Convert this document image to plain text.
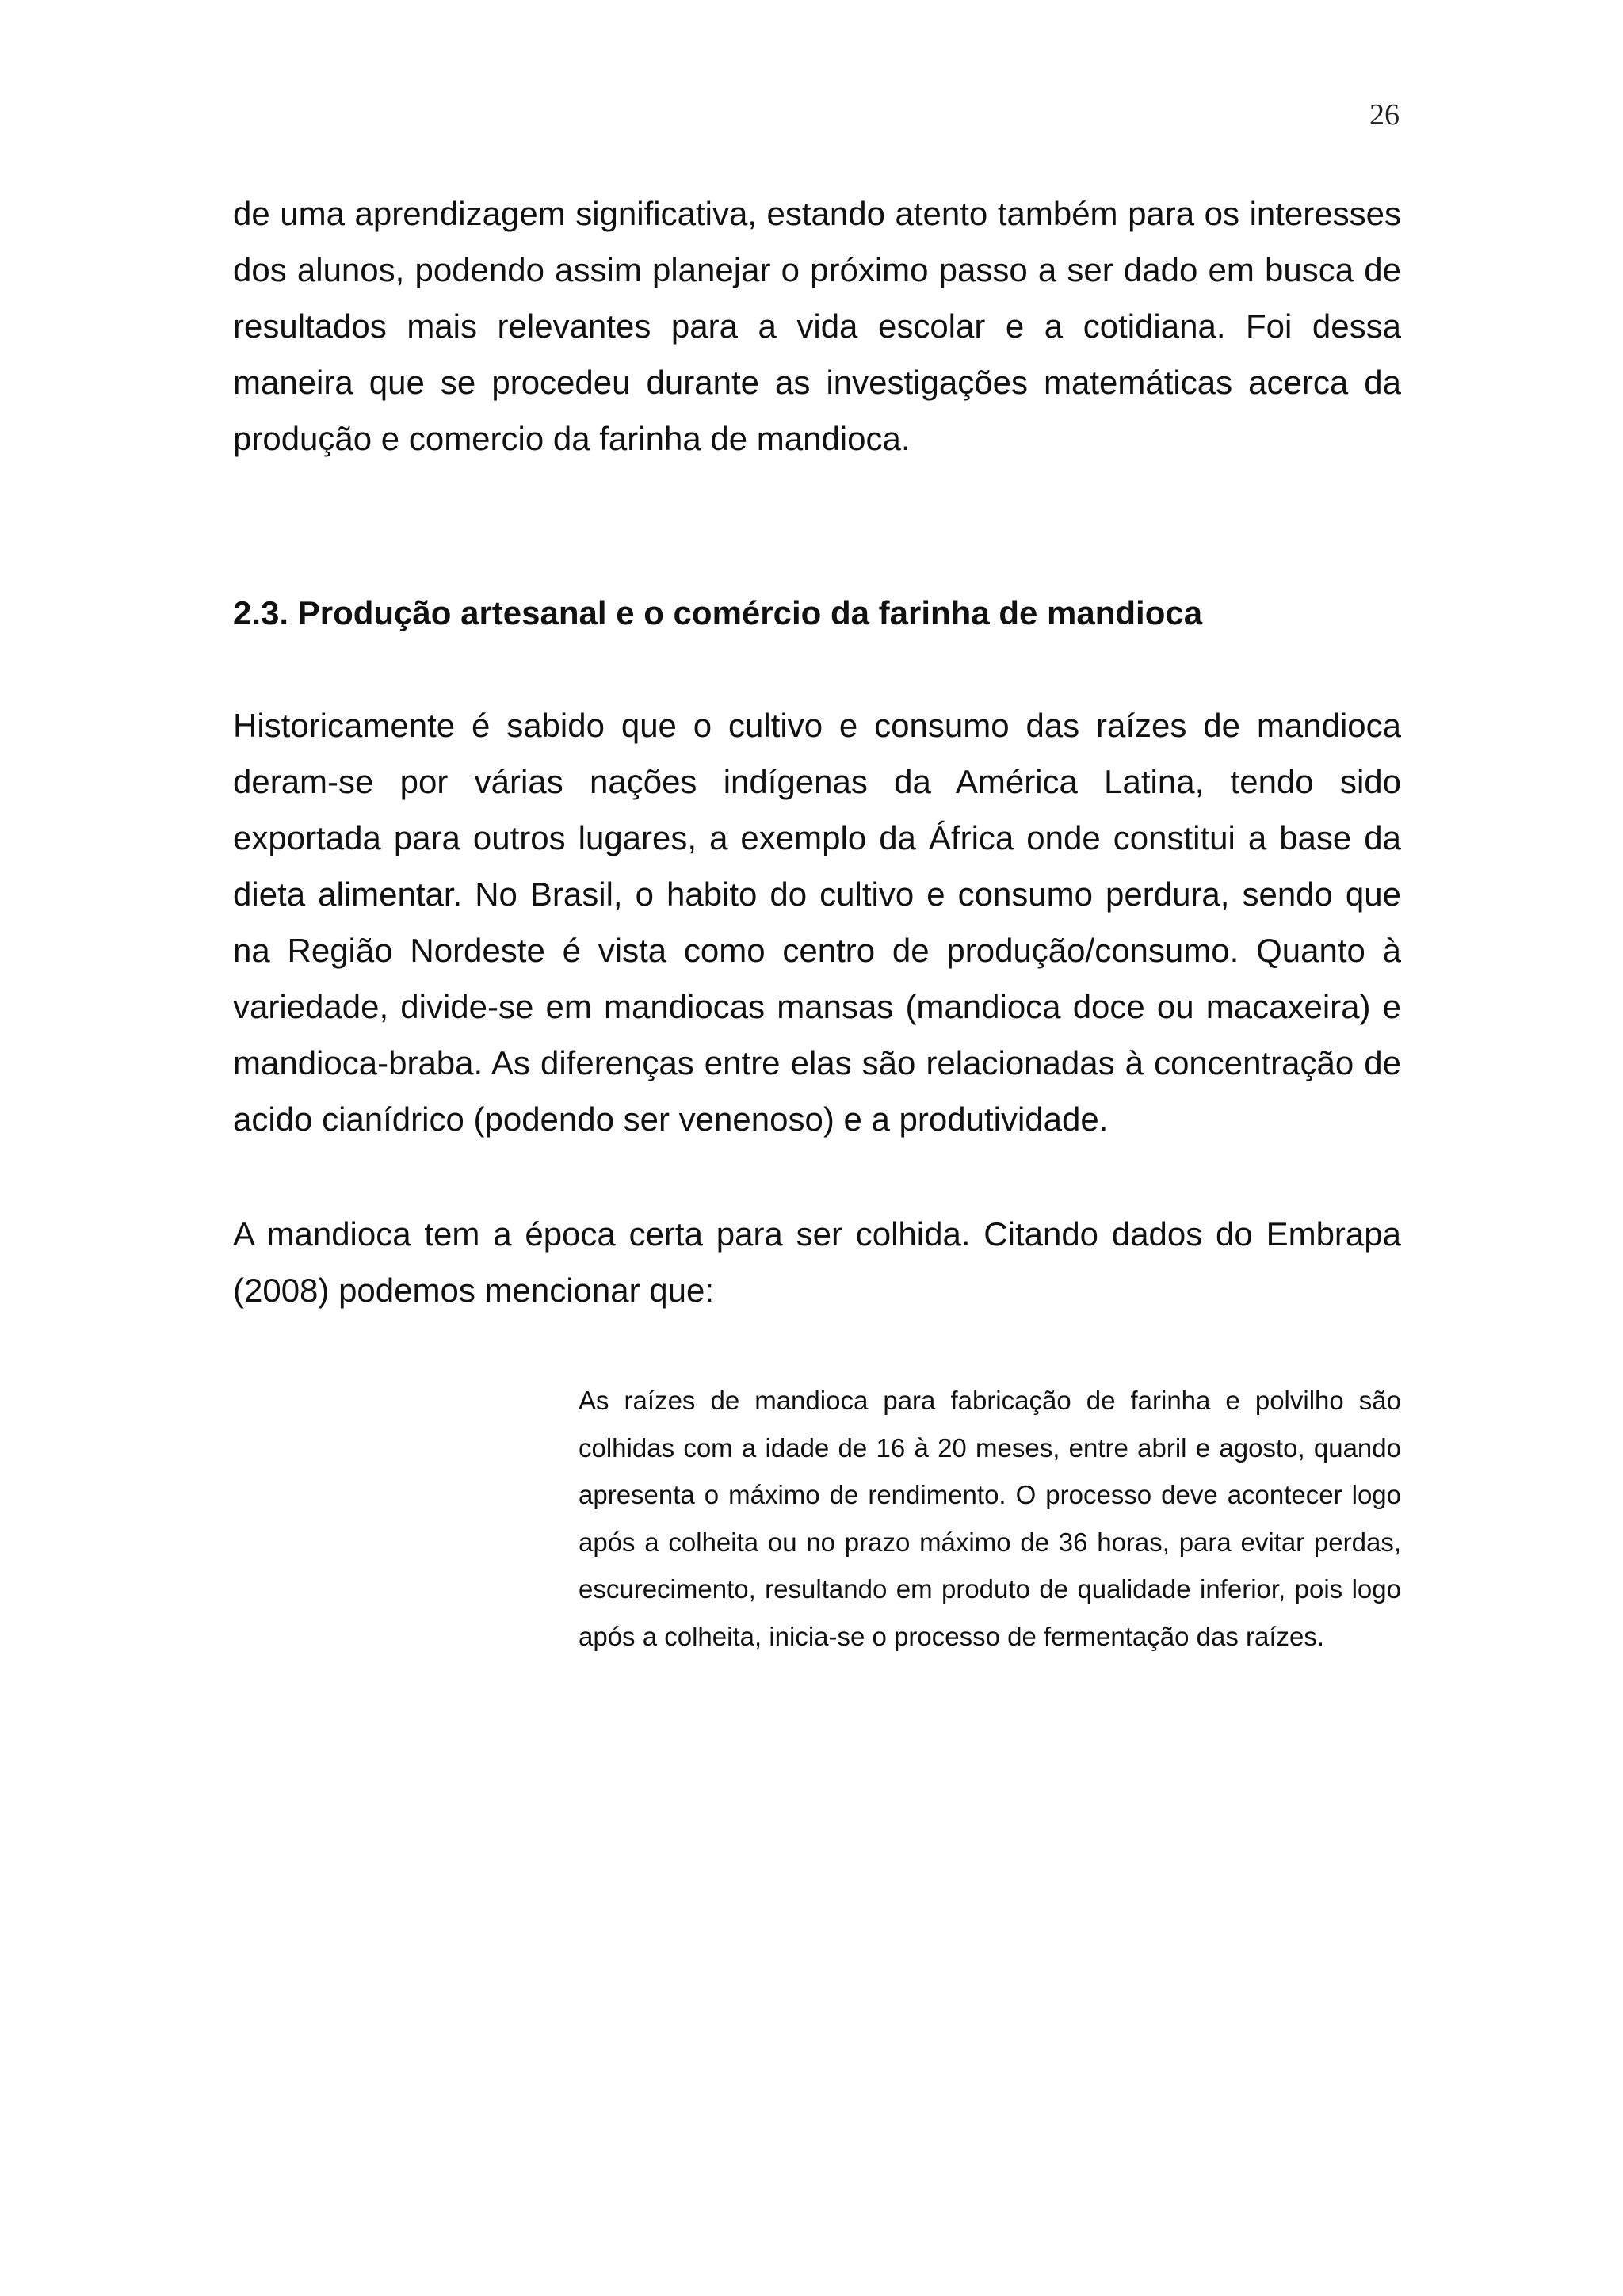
26

de uma aprendizagem significativa, estando atento também para os interesses dos alunos, podendo assim planejar o próximo passo a ser dado em busca de resultados mais relevantes para a vida escolar e a cotidiana. Foi dessa maneira que se procedeu durante as investigações matemáticas acerca da produção e comercio da farinha de mandioca.

2.3. Produção artesanal e o comércio da farinha de mandioca

Historicamente é sabido que o cultivo e consumo das raízes de mandioca deram-se por várias nações indígenas da América Latina, tendo sido exportada para outros lugares, a exemplo da África onde constitui a base da dieta alimentar. No Brasil, o habito do cultivo e consumo perdura, sendo que na Região Nordeste é vista como centro de produção/consumo. Quanto à variedade, divide-se em mandiocas mansas (mandioca doce ou macaxeira) e mandioca-braba. As diferenças entre elas são relacionadas à concentração de acido cianídrico (podendo ser venenoso) e a produtividade.

A mandioca tem a época certa para ser colhida. Citando dados do Embrapa (2008) podemos mencionar que:

As raízes de mandioca para fabricação de farinha e polvilho são colhidas com a idade de 16 à 20 meses, entre abril e agosto, quando apresenta o máximo de rendimento. O processo deve acontecer logo após a colheita ou no prazo máximo de 36 horas, para evitar perdas, escurecimento, resultando em produto de qualidade inferior, pois logo após a colheita, inicia-se o processo de fermentação das raízes.
